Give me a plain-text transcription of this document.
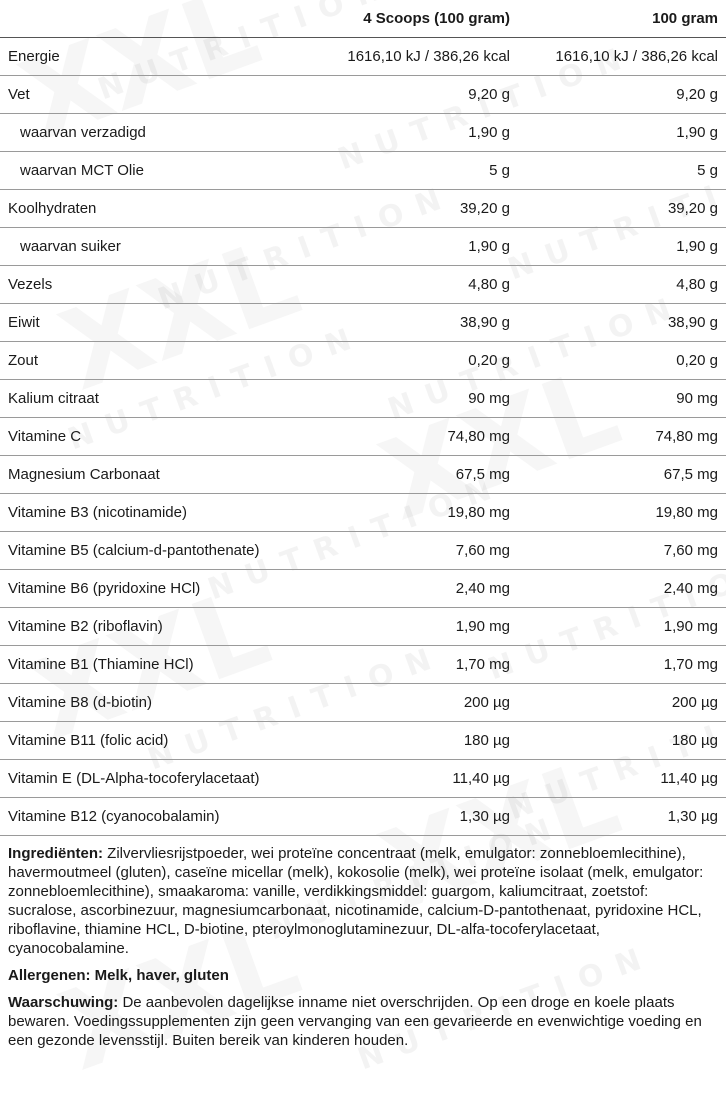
	4 Scoops (100 gram)	100 gram
Energie	1616,10 kJ / 386,26 kcal	1616,10 kJ / 386,26 kcal
Vet	9,20 g	9,20 g
waarvan verzadigd	1,90 g	1,90 g
waarvan MCT Olie	5 g	5 g
Koolhydraten	39,20 g	39,20 g
waarvan suiker	1,90 g	1,90 g
Vezels	4,80 g	4,80 g
Eiwit	38,90 g	38,90 g
Zout	0,20 g	0,20 g
Kalium citraat	90 mg	90 mg
Vitamine C	74,80 mg	74,80 mg
Magnesium Carbonaat	67,5 mg	67,5 mg
Vitamine B3 (nicotinamide)	19,80 mg	19,80 mg
Vitamine B5 (calcium-d-pantothenate)	7,60 mg	7,60 mg
Vitamine B6 (pyridoxine HCl)	2,40 mg	2,40 mg
Vitamine B2 (riboflavin)	1,90 mg	1,90 mg
Vitamine B1 (Thiamine HCl)	1,70 mg	1,70 mg
Vitamine B8 (d-biotin)	200 µg	200 µg
Vitamine B11 (folic acid)	180 µg	180 µg
Vitamin E (DL-Alpha-tocoferylacetaat)	11,40 µg	11,40 µg
Vitamine B12 (cyanocobalamin)	1,30 µg	1,30 µg

Ingrediënten: Zilvervliesrijstpoeder, wei proteïne concentraat (melk, emulgator: zonnebloemlecithine), havermoutmeel (gluten), caseïne micellar (melk), kokosolie (melk), wei proteïne isolaat (melk, emulgator: zonnebloemlecithine), smaakaroma: vanille, verdikkingsmiddel: guargom, kaliumcitraat, zoetstof: sucralose, ascorbinezuur, magnesiumcarbonaat, nicotinamide, calcium-D-pantothenaat, pyridoxine HCL, riboflavine, thiamine HCL, D-biotine, pteroylmonoglutaminezuur, DL-alfa-tocoferylacetaat, cyanocobalamine.

Allergenen: Melk, haver, gluten

Waarschuwing: De aanbevolen dagelijkse inname niet overschrijden. Op een droge en koele plaats bewaren. Voedingssupplementen zijn geen vervanging van een gevarieerde en evenwichtige voeding en een gezonde levensstijl. Buiten bereik van kinderen houden.
